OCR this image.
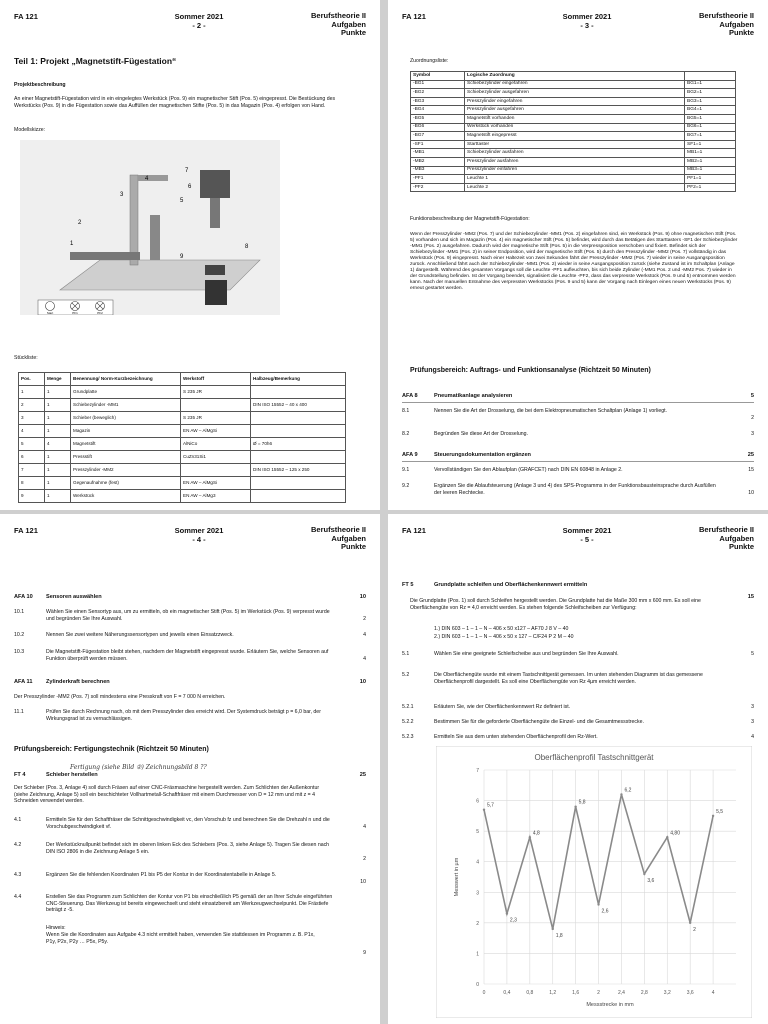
FA 121	Sommer 2021
- 2 -
Berufstheorie II
Aufgaben
Punkte
Teil 1: Projekt „Magnetstift-Fügestation“
Projektbeschreibung
An einer Magnetstift-Fügestation wird in ein eingelegtes Werkstück (Pos. 9) ein magnetischer Stift (Pos. 5) eingepresst. Die Bestückung des Werkstücks (Pos. 9) in die Fügestation sowie das Auffüllen der magnetischen Stifte (Pos. 5) in das Magazin (Pos. 4) erfolgen von Hand.
Modellskizze:
Start	PF1	PF2
1
2
3
4
5
6
7
8
9
Stückliste:
Pos.	Menge	Benennung/ Norm-Kurzbezeichnung	Werkstoff	Halbzeug/Bemerkung
1	1	Grundplatte	S 235 JR	
2	1	Schiebezylinder -MM1		DIN ISO 15552 – 40 x 400
3	1	Schieber (beweglich)	S 235 JR	
4	1	Magazin	EN AW – AlMgSi	
5	4	Magnetstift	AlNiCo	Ø = 70h6
6	1	Pressstift	CuZn31Si1	
7	1	Presszylinder -MM2		DIN ISO 15552 – 125 x 250
8	1	Gegenaufnahme (fest)	EN AW – AlMgSi	
9	1	Werkstück	EN AW – AlMg3	
FA 121	Sommer 2021
- 3 -
Berufstheorie II
Aufgaben
Punkte
Zuordnungsliste:
Symbol	Logische Zuordnung	
-BG1	Schiebezylinder eingefahren	BG1=1
-BG2	Schiebezylinder ausgefahren	BG2=1
-BG3	Presszylinder eingefahren	BG3=1
-BG4	Presszylinder ausgefahren	BG4=1
-BG5	Magnetstift vorhanden	BG5=1
-BG6	Werkstück vorhanden	BG6=1
-BG7	Magnetstift eingepresst	BG7=1
-SF1	Starttaster	SF1=1
-MB1	Schiebezylinder ausfahren	MB1=1
-MB2	Presszylinder ausfahren	MB2=1
-MB3	Presszylinder einfahren	MB3=1
-PF1	Leuchte 1	PF1=1
-PF2	Leuchte 2	PF2=1
Funktionsbeschreibung der Magnetstift-Fügestation:
Wenn der Presszylinder -MM2 (Pos. 7) und der Schiebezylinder -MM1 (Pos. 2) eingefahren sind, ein Werkstück (Pos. 9) ohne magnetischen Stift (Pos. 5) vorhanden und sich im Magazin (Pos. 4) ein magnetischer Stift (Pos. 5) befindet, wird durch das Betätigen des Starttasters -SF1 der Schiebezylinder -MM1 (Pos. 2) ausgefahren. Dadurch wird der magnetische Stift (Pos. 5) in die Verpressposition verschoben und fixiert. Befindet sich der Schiebezylinder -MM1 (Pos. 2) in seiner Endposition, wird der magnetische Stift (Pos. 5) durch den Presszylinder -MM2 (Pos. 7) vollständig in das Werkstück (Pos. 9) eingepresst. Nach einer Haltezeit von zwei Sekunden fährt der Presszylinder -MM2 (Pos. 7) wieder in seine Ausgangsposition zurück. Anschließend fährt auch der Schiebezylinder -MM1 (Pos. 2) wieder in seine Ausgangsposition zurück (siehe Zustand ist im Schaltplan (Anlage 1) dargestellt. Während des gesamten Vorgangs soll die Leuchte -PF1 aufleuchten, bis sich beide Zylinder (-MM1 Pos. 2 und -MM2 Pos. 7) wieder in der Grundstellung befinden. Ist der Vorgang beendet, signalisiert die Leuchte -PF2, dass das verpresste Werkstück (Pos. 9 und 5) entnommen werden kann. Nach der manuellen Entnahme des verpressten Werkstücks (Pos. 9 und 5) kann der Vorgang nach Einlegen eines neuen Werkstücks (Pos. 9) erneut gestartet werden.
Prüfungsbereich: Auftrags- und Funktionsanalyse (Richtzeit 50 Minuten)
AFA 8	Pneumatikanlage analysieren	5
8.1	Nennen Sie die Art der Drosselung, die bei dem Elektropneumatischen Schaltplan (Anlage 1) vorliegt.
2
8.2	Begründen Sie diese Art der Drosselung.	3
AFA 9	Steuerungsdokumentation ergänzen	25
9.1	Vervollständigen Sie den Ablaufplan (GRAFCET) nach DIN EN 60848 in Anlage 2.	15
9.2	Ergänzen Sie die Ablaufsteuerung (Anlage 3 und 4) des SPS-Programms in der Funktionsbausteinsprache durch Ausfüllen der leeren Rechtecke.	10
FA 121	Sommer 2021
- 4 -
Berufstheorie II
Aufgaben
Punkte
AFA 10 Sensoren auswählen	10
10.1	Wählen Sie einen Sensortyp aus, um zu ermitteln, ob ein magnetischer Stift (Pos. 5) im Werkstück (Pos. 9) verpresst wurde und begründen Sie Ihre Auswahl.	2
10.2	Nennen Sie zwei weitere Näherungssensortypen und jeweils einen Einsatzzweck.	4
10.3	Die Magnetstift-Fügestation bleibt stehen, nachdem der Magnetstift eingepresst wurde. Erläutern Sie, welche Sensoren auf Funktion überprüft werden müssen.	4
AFA 11 Zylinderkraft berechnen	10
Der Presszylinder -MM2 (Pos. 7) soll mindestens eine Presskraft von F = 7 000 N erreichen.
11.1	Prüfen Sie durch Rechnung nach, ob mit dem Presszylinder dies erreicht wird. Der Systemdruck beträgt p = 6,0 bar, der Wirkungsgrad ist zu vernachlässigen.
Prüfungsbereich: Fertigungstechnik (Richtzeit 50 Minuten)
FT 4	Schieber herstellen	25
Fertigung (siehe Bild ②) Zeichnungsbild 8 ??
Der Schieber (Pos. 3, Anlage 4) soll durch Fräsen auf einer CNC-Fräsmaschine hergestellt werden. Zum Schlichten der Außenkontur (siehe Zeichnung, Anlage 5) soll ein beschichteter Vollhartmetall-Schaftfräser mit einem Durchmesser von D = 12 mm und mit z = 4 Schneiden verwendet werden.
4.1	Ermitteln Sie für den Schaftfräser die Schnittgeschwindigkeit vc, den Vorschub fz und berechnen Sie die Drehzahl n und die Vorschubgeschwindigkeit vf.	4
4.2	Der Werkstücknullpunkt befindet sich im oberen linken Eck des Schiebers (Pos. 3, siehe Anlage 5). Tragen Sie diesen nach DIN ISO 2806 in die Zeichnung Anlage 5 ein.
2
4.3	Ergänzen Sie die fehlenden Koordinaten P1 bis P5 der Kontur in der Koordinatentabelle in Anlage 5.
10
4.4	Erstellen Sie das Programm zum Schlichten der Kontur von P1 bis einschließlich P5 gemäß der an Ihrer Schule eingeführten CNC-Steuerung. Das Werkzeug ist bereits eingewechselt und steht einsatzbereit am Werkzeugwechselpunkt. Die Frästiefe beträgt z -5.
9
Hinweis:
Wenn Sie die Koordinaten aus Aufgabe 4.3 nicht ermittelt haben, verwenden Sie stattdessen im Programm z. B. P1x, P1y, P2x, P2y … P5x, P5y.
FA 121	Sommer 2021
- 5 -
Berufstheorie II
Aufgaben
Punkte
FT 5	Grundplatte schleifen und Oberflächenkennwert ermitteln
15
Die Grundplatte (Pos. 1) soll durch Schleifen hergestellt werden. Die Grundplatte hat die Maße 300 mm x 600 mm. Es soll eine Oberflächengüte von Rz = 4,0 erreicht werden. Es stehen folgende Schleifscheiben zur Verfügung:
1.) DIN 603 – 1 – 1 – N – 406 x 50 x127 – AF70 J 8 V – 40
2.) DIN 603 – 1 – 1 – N – 406 x 50 x 127 – C/F24 P 2 M – 40
5.1	Wählen Sie eine geeignete Schleifscheibe aus und begründen Sie Ihre Auswahl.	5
5.2	Die Oberflächengüte wurde mit einem Tastschnittgerät gemessen. Im unten stehenden Diagramm ist das gemessene Oberflächenprofil dargestellt. Es soll eine Oberflächengüte von Rz 4µm erreicht werden.
5.2.1	Erläutern Sie, wie der Oberflächenkennwert Rz definiert ist.	3
5.2.2	Bestimmen Sie für die geforderte Oberflächengüte die Einzel- und die Gesamtmessstrecke.	3
5.2.3	Ermitteln Sie aus dem unten stehenden Oberflächenprofil den Rz-Wert.	4
Oberflächenprofil Tastschnittgerät
0
1
2
3
4
5
6
7
0	0,4	0,8	1,2	1,6	2	2,4	2,8	3,2	3,6	4
Messstrecke in mm
Messwert in µm
5,7
2,3
4,8
1,8
5,8
2,6
6,2
3,6
4,80
2
5,5
